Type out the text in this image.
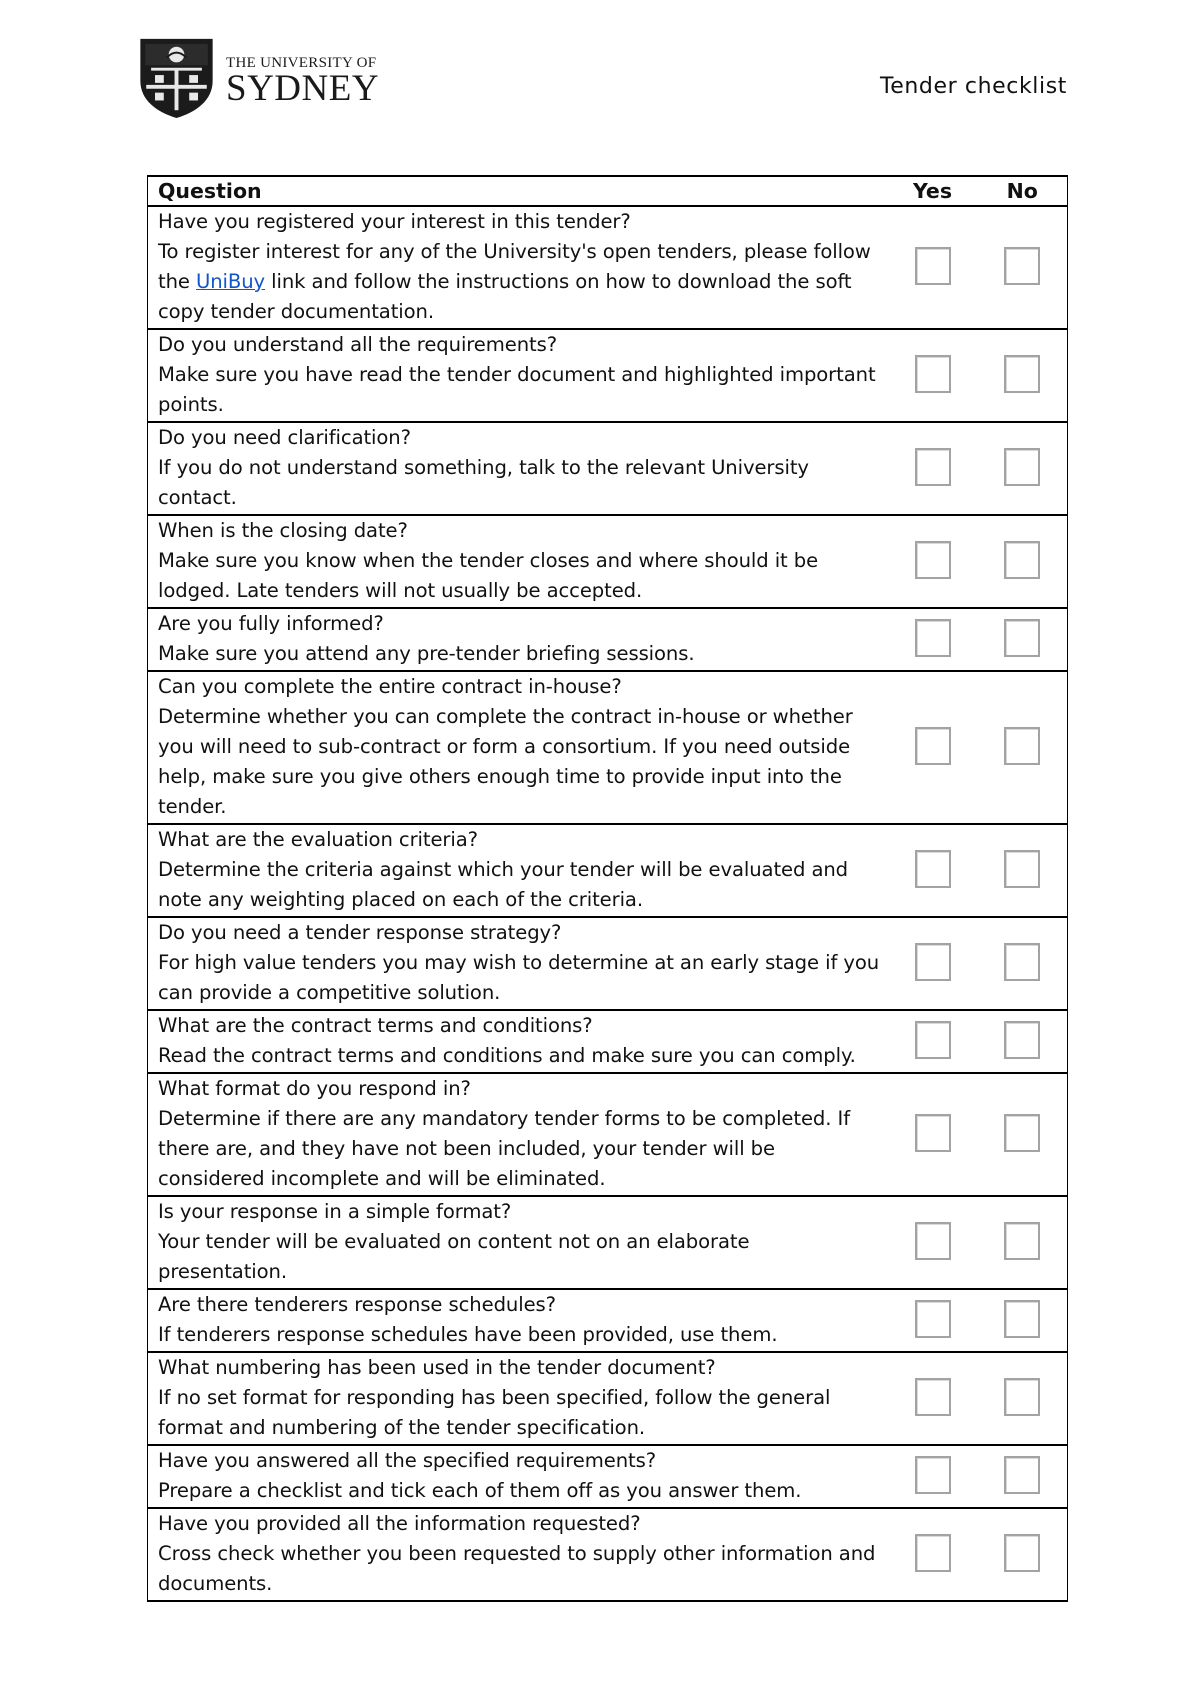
THE UNIVERSITY OF
SYDNEY	Tender checklist
Question	Yes	No

Have you registered your interest in this tender?
To register interest for any of the University's open tenders, please follow the UniBuy link and follow the instructions on how to download the soft copy tender documentation.		

Do you understand all the requirements?
Make sure you have read the tender document and highlighted important points.		

Do you need clarification?
If you do not understand something, talk to the relevant University contact.		

When is the closing date?
Make sure you know when the tender closes and where should it be lodged. Late tenders will not usually be accepted.		

Are you fully informed?
Make sure you attend any pre-tender briefing sessions.		

Can you complete the entire contract in-house?
Determine whether you can complete the contract in-house or whether you will need to sub-contract or form a consortium. If you need outside help, make sure you give others enough time to provide input into the tender.		

What are the evaluation criteria?
Determine the criteria against which your tender will be evaluated and note any weighting placed on each of the criteria.		

Do you need a tender response strategy?
For high value tenders you may wish to determine at an early stage if you can provide a competitive solution.		

What are the contract terms and conditions?
Read the contract terms and conditions and make sure you can comply.		

What format do you respond in?
Determine if there are any mandatory tender forms to be completed. If there are, and they have not been included, your tender will be considered incomplete and will be eliminated.		

Is your response in a simple format?
Your tender will be evaluated on content not on an elaborate presentation.		

Are there tenderers response schedules?
If tenderers response schedules have been provided, use them.		

What numbering has been used in the tender document?
If no set format for responding has been specified, follow the general format and numbering of the tender specification.		

Have you answered all the specified requirements?
Prepare a checklist and tick each of them off as you answer them.		

Have you provided all the information requested?
Cross check whether you been requested to supply other information and documents.		
